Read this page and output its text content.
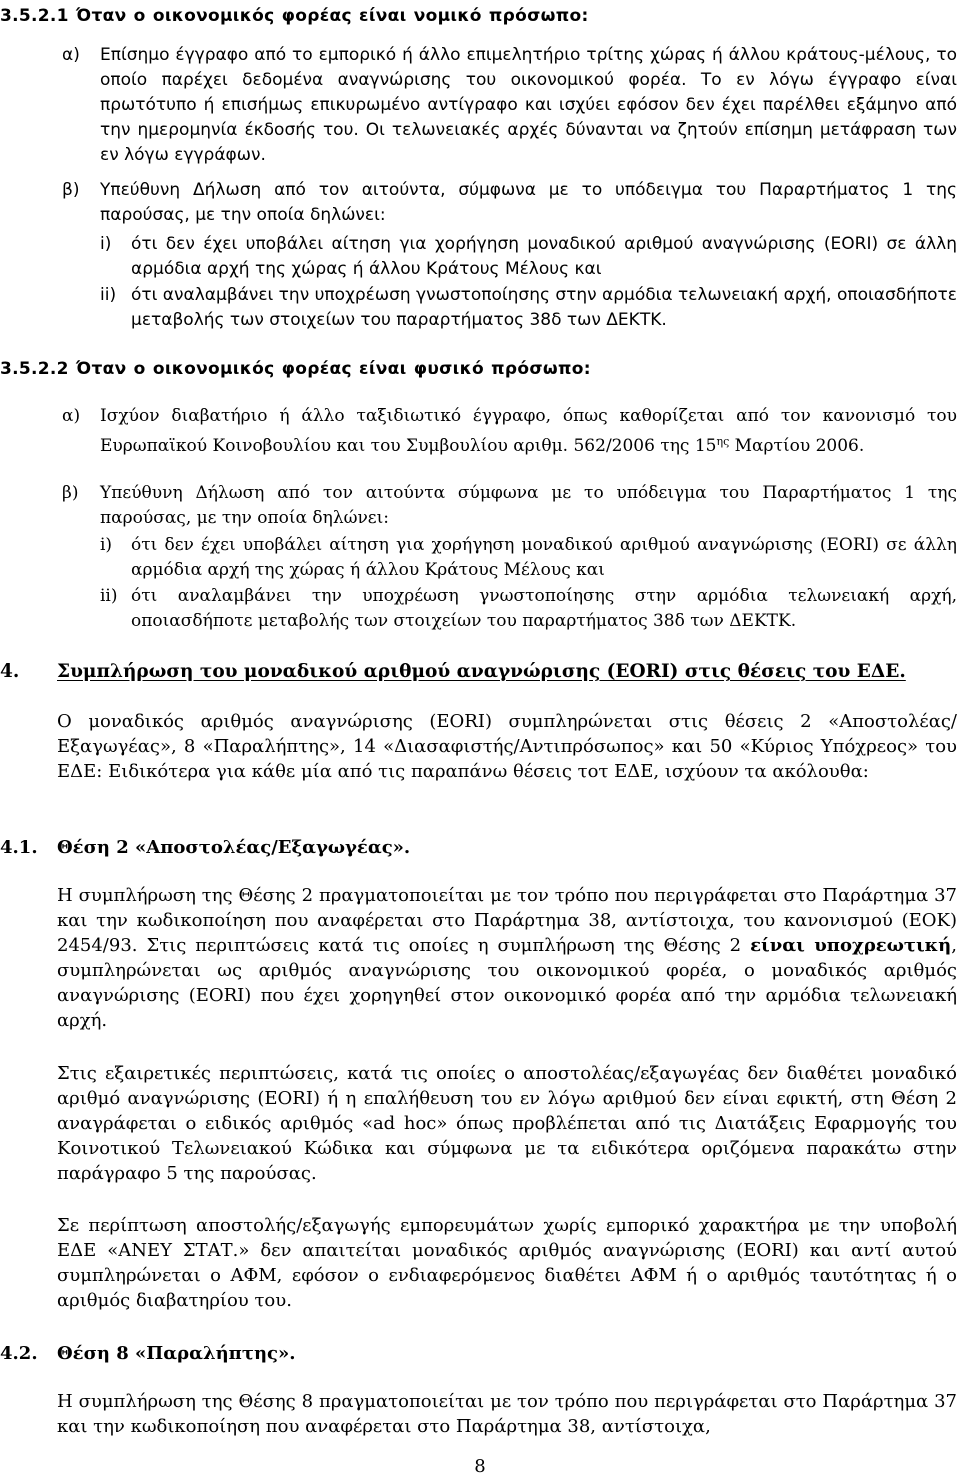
3.5.2.1 Όταν ο οικονομικός φορέας είναι νομικό πρόσωπο:
α) Επίσημο έγγραφο από το εμπορικό ή άλλο επιμελητήριο τρίτης χώρας ή άλλου κράτους-μέλους, το οποίο παρέχει δεδομένα αναγνώρισης του οικονομικού φορέα. Το εν λόγω έγγραφο είναι πρωτότυπο ή επισήμως επικυρωμένο αντίγραφο και ισχύει εφόσον δεν έχει παρέλθει εξάμηνο από την ημερομηνία έκδοσής του. Οι τελωνειακές αρχές δύνανται να ζητούν επίσημη μετάφραση των εν λόγω εγγράφων.
β) Υπεύθυνη Δήλωση από τον αιτούντα, σύμφωνα με το υπόδειγμα του Παραρτήματος 1 της παρούσας, με την οποία δηλώνει:
i) ότι δεν έχει υποβάλει αίτηση για χορήγηση μοναδικού αριθμού αναγνώρισης (EORI) σε άλλη αρμόδια αρχή της χώρας ή άλλου Κράτους Μέλους και
ii) ότι αναλαμβάνει την υποχρέωση γνωστοποίησης στην αρμόδια τελωνειακή αρχή, οποιασδήποτε μεταβολής των στοιχείων του παραρτήματος 38δ των ΔΕΚΤΚ.
3.5.2.2 Όταν ο οικονομικός φορέας είναι φυσικό πρόσωπο:
α) Ισχύον διαβατήριο ή άλλο ταξιδιωτικό έγγραφο, όπως καθορίζεται από τον κανονισμό του Ευρωπαϊκού Κοινοβουλίου και του Συμβουλίου αριθμ. 562/2006 της $15^{\eta\varsigma}$ Μαρτίου 2006.
β) Υπεύθυνη Δήλωση από τον αιτούντα σύμφωνα με το υπόδειγμα του Παραρτήματος 1 της παρούσας, με την οποία δηλώνει:
i) ότι δεν έχει υποβάλει αίτηση για χορήγηση μοναδικού αριθμού αναγνώρισης (EORI) σε άλλη αρμόδια αρχή της χώρας ή άλλου Κράτους Μέλους και
ii) ότι αναλαμβάνει την υποχρέωση γνωστοποίησης στην αρμόδια τελωνειακή αρχή, οποιασδήποτε μεταβολής των στοιχείων του παραρτήματος 38δ των ΔΕΚΤΚ.
4. Συμπλήρωση του μοναδικού αριθμού αναγνώρισης (EORI) στις θέσεις του ΕΔΕ.
Ο μοναδικός αριθμός αναγνώρισης (EORI) συμπληρώνεται στις θέσεις 2 «Αποστολέας/Εξαγωγέας», 8 «Παραλήπτης», 14 «Διασαφιστής/Αντιπρόσωπος» και 50 «Κύριος Υπόχρεος» του ΕΔΕ: Ειδικότερα για κάθε μία από τις παραπάνω θέσεις τοτ ΕΔΕ, ισχύουν τα ακόλουθα:
4.1. Θέση 2 «Αποστολέας/Εξαγωγέας».
Η συμπλήρωση της Θέσης 2 πραγματοποιείται με τον τρόπο που περιγράφεται στο Παράρτημα 37 και την κωδικοποίηση που αναφέρεται στο Παράρτημα 38, αντίστοιχα, του κανονισμού (ΕΟΚ) 2454/93. Στις περιπτώσεις κατά τις οποίες η συμπλήρωση της Θέσης 2 είναι υποχρεωτική, συμπληρώνεται ως αριθμός αναγνώρισης του οικονομικού φορέα, ο μοναδικός αριθμός αναγνώρισης (EORI) που έχει χορηγηθεί στον οικονομικό φορέα από την αρμόδια τελωνειακή αρχή.
Στις εξαιρετικές περιπτώσεις, κατά τις οποίες ο αποστολέας/εξαγωγέας δεν διαθέτει μοναδικό αριθμό αναγνώρισης (EORI) ή η επαλήθευση του εν λόγω αριθμού δεν είναι εφικτή, στη Θέση 2 αναγράφεται ο ειδικός αριθμός «ad hoc» όπως προβλέπεται από τις Διατάξεις Εφαρμογής του Κοινοτικού Τελωνειακού Κώδικα και σύμφωνα με τα ειδικότερα οριζόμενα παρακάτω στην παράγραφο 5 της παρούσας.
Σε περίπτωση αποστολής/εξαγωγής εμπορευμάτων χωρίς εμπορικό χαρακτήρα με την υποβολή ΕΔΕ «ΑΝΕΥ ΣΤΑΤ.» δεν απαιτείται μοναδικός αριθμός αναγνώρισης (EORI) και αντί αυτού συμπληρώνεται ο ΑΦΜ, εφόσον ο ενδιαφερόμενος διαθέτει ΑΦΜ ή ο αριθμός ταυτότητας ή ο αριθμός διαβατηρίου του.
4.2. Θέση 8 «Παραλήπτης».
Η συμπλήρωση της Θέσης 8 πραγματοποιείται με τον τρόπο που περιγράφεται στο Παράρτημα 37 και την κωδικοποίηση που αναφέρεται στο Παράρτημα 38, αντίστοιχα,
8
